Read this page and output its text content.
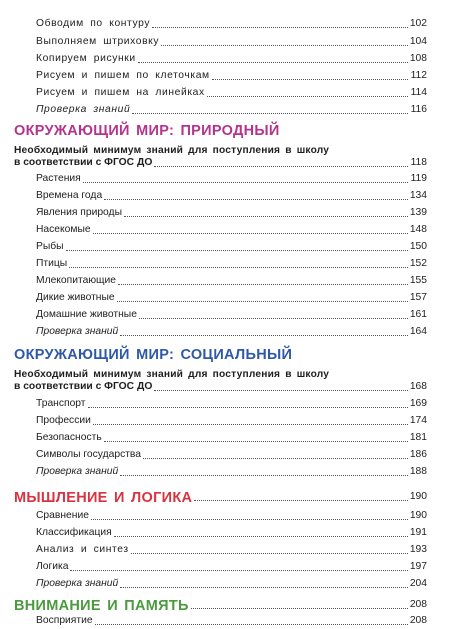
Обводим по контуру	102
Выполняем штриховку	104
Копируем рисунки	108
Рисуем и пишем по клеточкам	112
Рисуем и пишем на линейках	114
Проверка знаний	116
ОКРУЖАЮЩИЙ МИР: ПРИРОДНЫЙ
Необходимый минимум знаний для поступления в школу
в соответствии с ФГОС ДО	118
Растения	119
Времена года	134
Явления природы	139
Насекомые	148
Рыбы	150
Птицы	152
Млекопитающие	155
Дикие животные	157
Домашние животные	161
Проверка знаний	164
ОКРУЖАЮЩИЙ МИР: СОЦИАЛЬНЫЙ
Необходимый минимум знаний для поступления в школу
в соответствии с ФГОС ДО	168
Транспорт	169
Профессии	174
Безопасность	181
Символы государства	186
Проверка знаний	188
МЫШЛЕНИЕ И ЛОГИКА	190
Сравнение	190
Классификация	191
Анализ и синтез	193
Логика	197
Проверка знаний	204
ВНИМАНИЕ И ПАМЯТЬ	208
Восприятие	208
